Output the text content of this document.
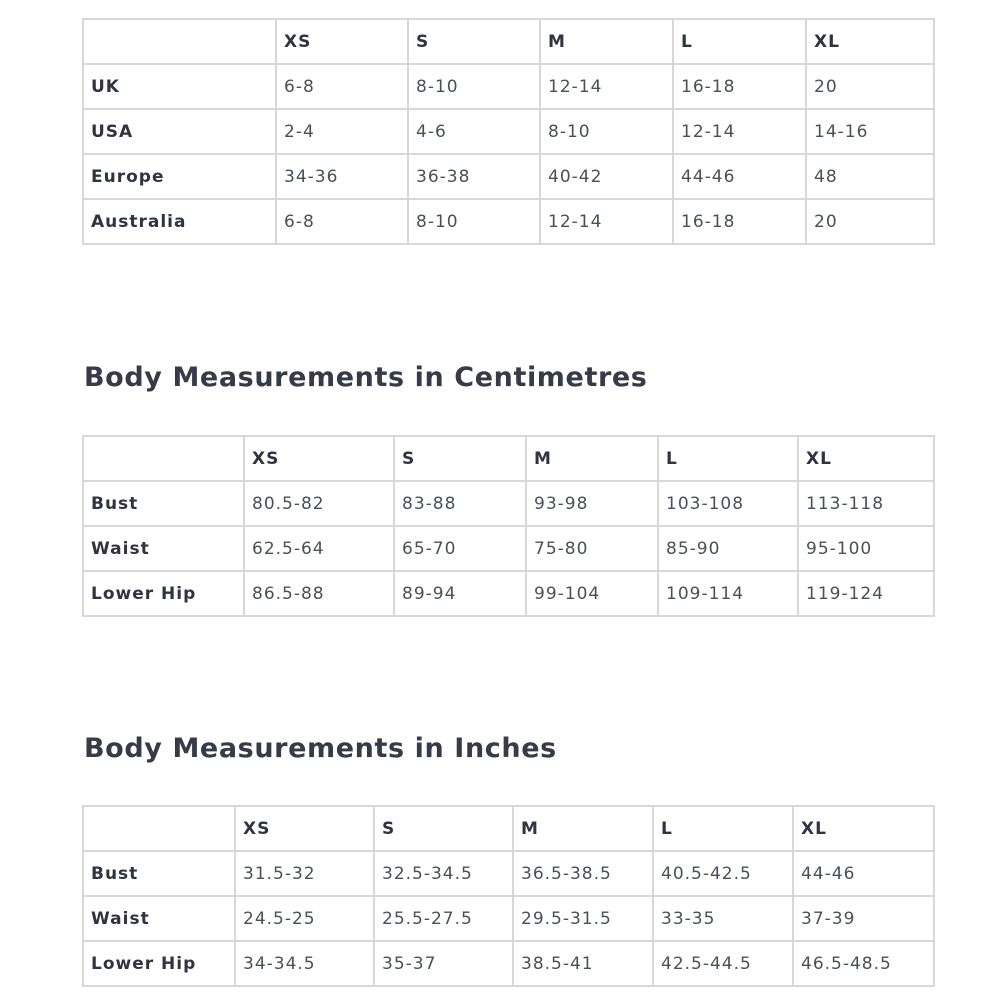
	XS	S	M	L	XL
UK	6-8	8-10	12-14	16-18	20
USA	2-4	4-6	8-10	12-14	14-16
Europe	34-36	36-38	40-42	44-46	48
Australia	6-8	8-10	12-14	16-18	20
Body Measurements in Centimetres
	XS	S	M	L	XL
Bust	80.5-82	83-88	93-98	103-108	113-118
Waist	62.5-64	65-70	75-80	85-90	95-100
Lower Hip	86.5-88	89-94	99-104	109-114	119-124
Body Measurements in Inches
	XS	S	M	L	XL
Bust	31.5-32	32.5-34.5	36.5-38.5	40.5-42.5	44-46
Waist	24.5-25	25.5-27.5	29.5-31.5	33-35	37-39
Lower Hip	34-34.5	35-37	38.5-41	42.5-44.5	46.5-48.5
